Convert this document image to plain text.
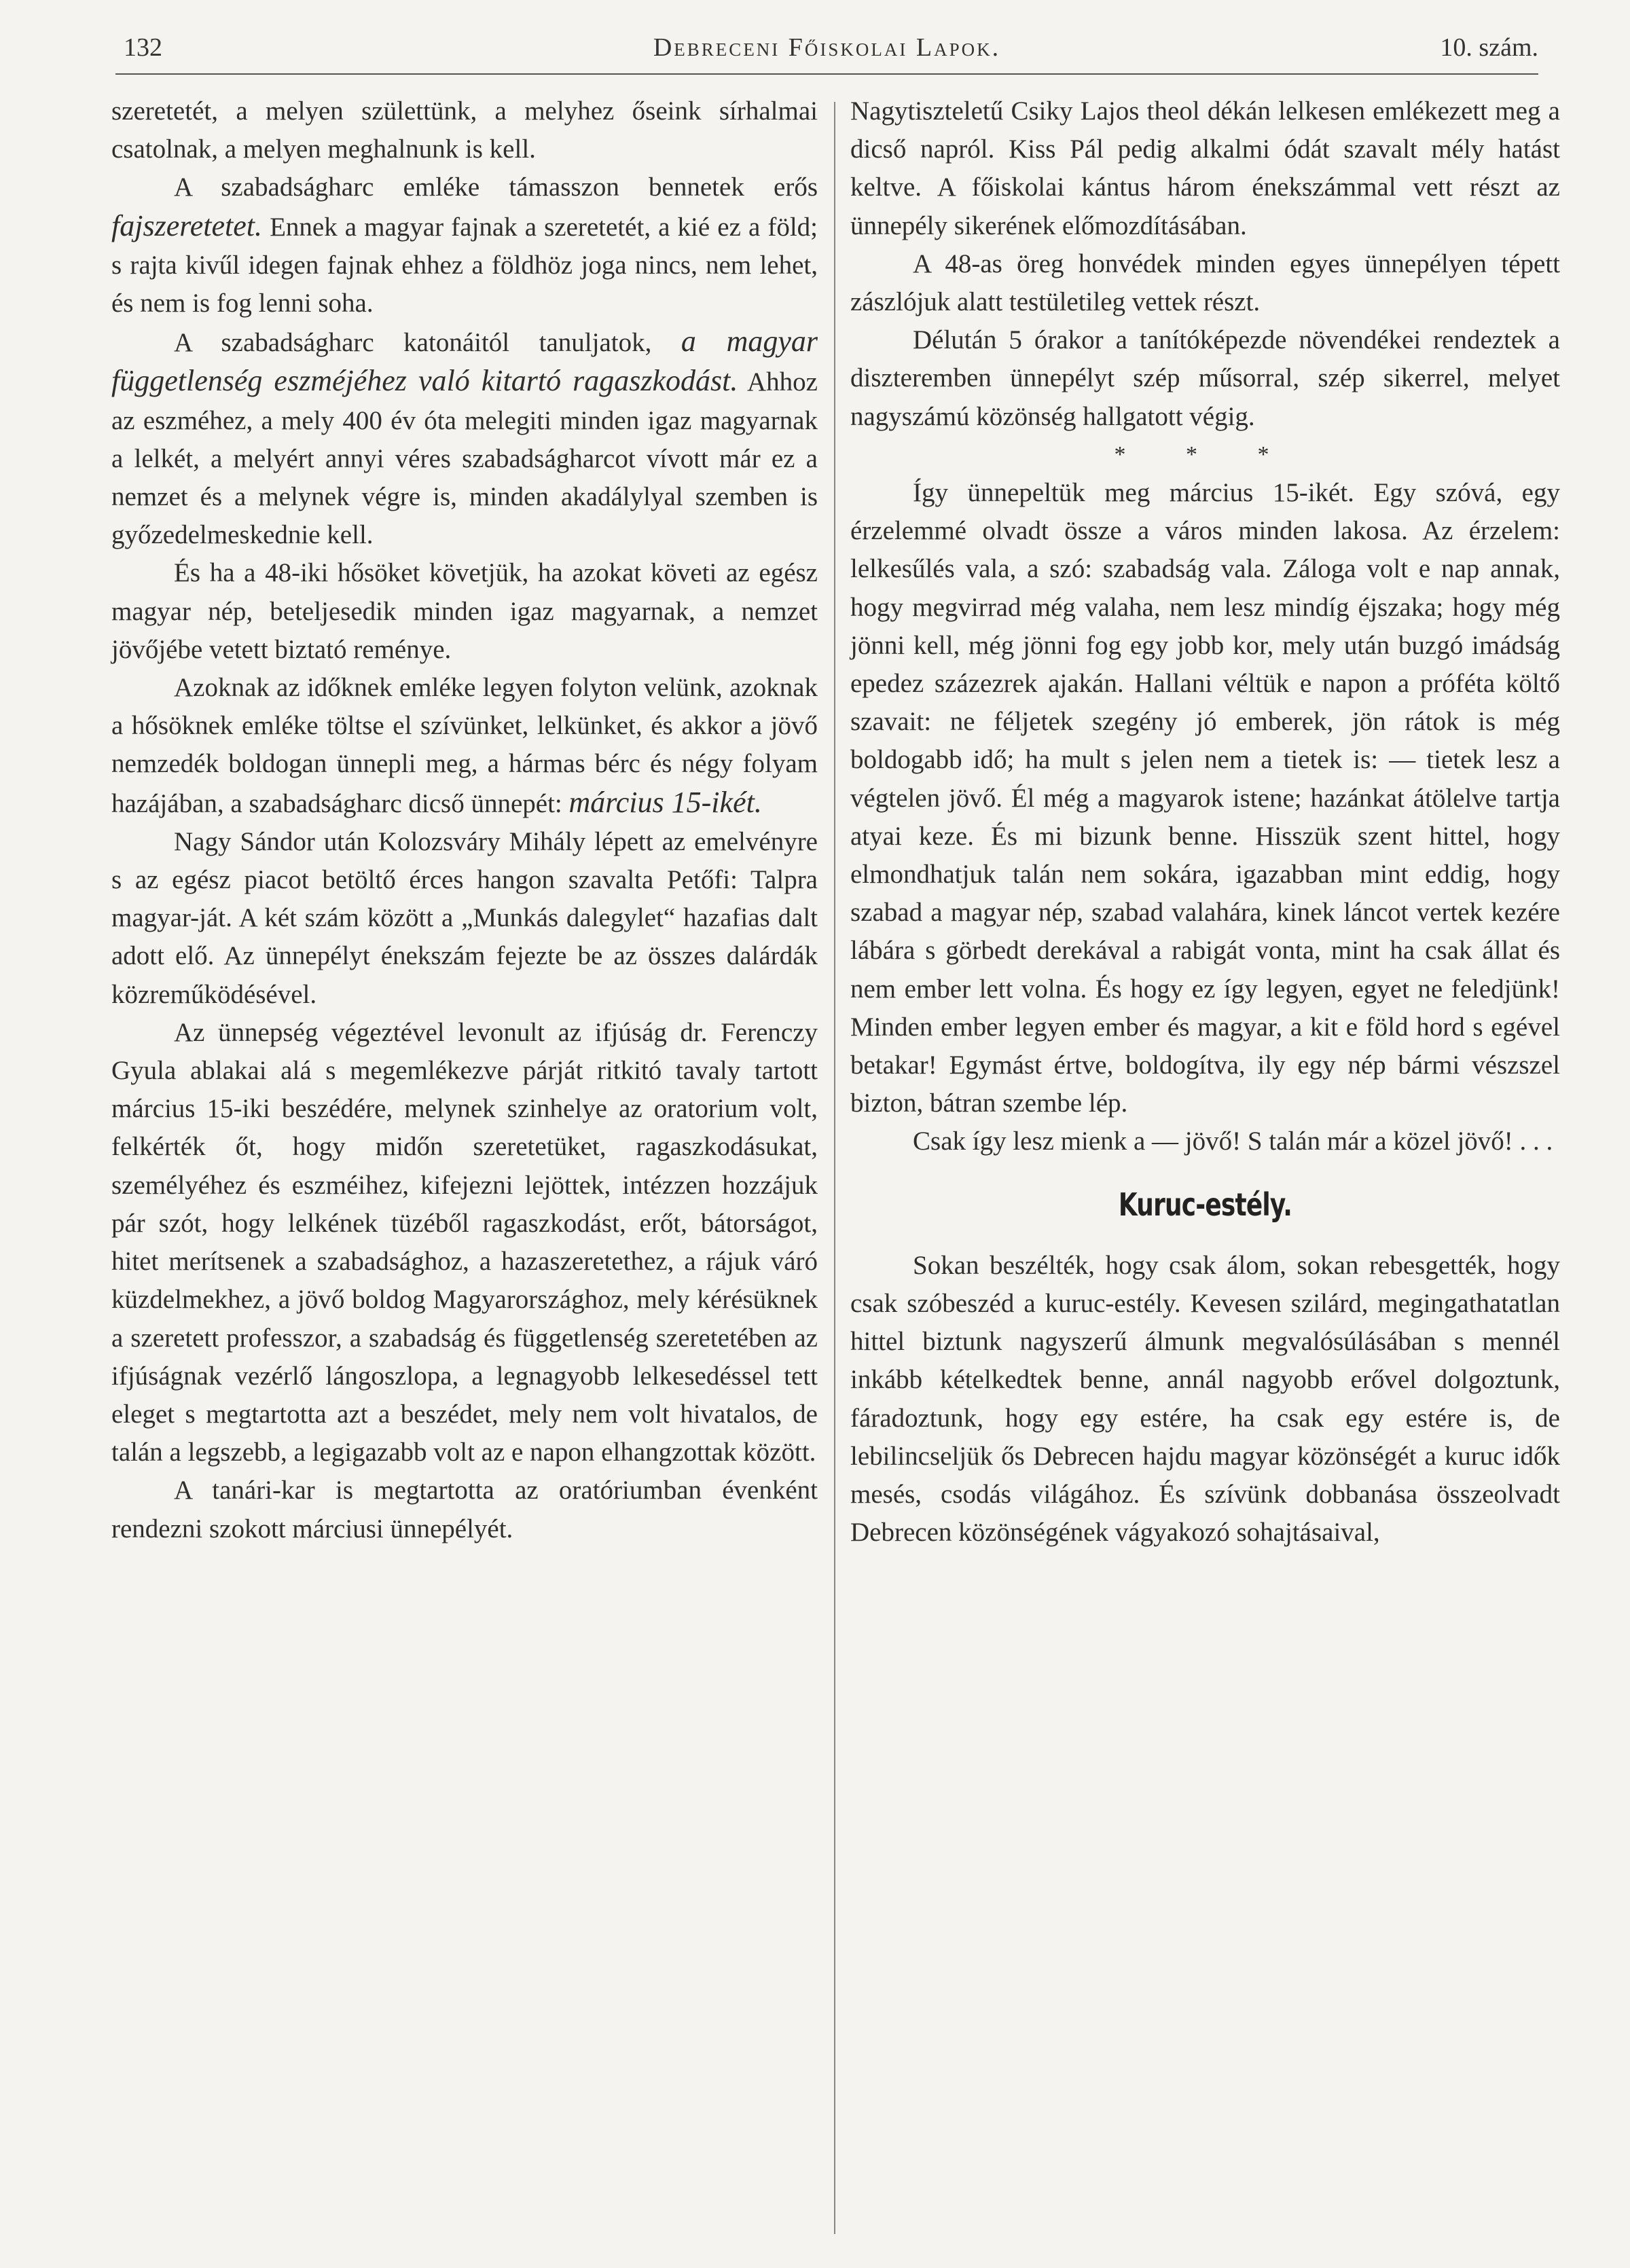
132	Debreceni Főiskolai Lapok.	10. szám.

szeretetét, a melyen születtünk, a melyhez őseink sírhalmai csatolnak, a melyen meghalnunk is kell.

A szabadságharc emléke támasszon bennetek erős fajszeretetet. Ennek a magyar fajnak a szeretetét, a kié ez a föld; s rajta kivűl idegen fajnak ehhez a földhöz joga nincs, nem lehet, és nem is fog lenni soha.

A szabadságharc katonáitól tanuljatok, a magyar függetlenség eszméjéhez való kitartó ragaszkodást. Ahhoz az eszméhez, a mely 400 év óta melegiti minden igaz magyarnak a lelkét, a melyért annyi véres szabadságharcot vívott már ez a nemzet és a melynek végre is, minden akadálylyal szemben is győzedelmeskednie kell.

És ha a 48-iki hősöket követjük, ha azokat követi az egész magyar nép, beteljesedik minden igaz magyarnak, a nemzet jövőjébe vetett biztató reménye.

Azoknak az időknek emléke legyen folyton velünk, azoknak a hősöknek emléke töltse el szívünket, lelkünket, és akkor a jövő nemzedék boldogan ünnepli meg, a hármas bérc és négy folyam hazájában, a szabadságharc dicső ünnepét: március 15-ikét.

Nagy Sándor után Kolozsváry Mihály lépett az emelvényre s az egész piacot betöltő érces hangon szavalta Petőfi: Talpra magyar-ját. A két szám között a „Munkás dalegylet“ hazafias dalt adott elő. Az ünnepélyt énekszám fejezte be az összes dalárdák közreműködésével.

Az ünnepség végeztével levonult az ifjúság dr. Ferenczy Gyula ablakai alá s megemlékezve párját ritkitó tavaly tartott március 15-iki beszédére, melynek szinhelye az oratorium volt, felkérték őt, hogy midőn szeretetüket, ragaszkodásukat, személyéhez és eszméihez, kifejezni lejöttek, intézzen hozzájuk pár szót, hogy lelkének tüzéből ragaszkodást, erőt, bátorságot, hitet merítsenek a szabadsághoz, a hazaszeretethez, a rájuk váró küzdelmekhez, a jövő boldog Magyarországhoz, mely kérésüknek a szeretett professzor, a szabadság és függetlenség szeretetében az ifjúságnak vezérlő lángoszlopa, a legnagyobb lelkesedéssel tett eleget s megtartotta azt a beszédet, mely nem volt hivatalos, de talán a legszebb, a legigazabb volt az e napon elhangzottak között.

A tanári-kar is megtartotta az oratóriumban évenként rendezni szokott márciusi ünnepélyét.

Nagytiszteletű Csiky Lajos theol dékán lelkesen emlékezett meg a dicső napról. Kiss Pál pedig alkalmi ódát szavalt mély hatást keltve. A főiskolai kántus három énekszámmal vett részt az ünnepély sikerének előmozdításában.

A 48-as öreg honvédek minden egyes ünnepélyen tépett zászlójuk alatt testületileg vettek részt.

Délután 5 órakor a tanítóképezde növendékei rendeztek a diszteremben ünnepélyt szép műsorral, szép sikerrel, melyet nagyszámú közönség hallgatott végig.

* * *

Így ünnepeltük meg március 15-ikét. Egy szóvá, egy érzelemmé olvadt össze a város minden lakosa. Az érzelem: lelkesűlés vala, a szó: szabadság vala. Záloga volt e nap annak, hogy megvirrad még valaha, nem lesz mindíg éjszaka; hogy még jönni kell, még jönni fog egy jobb kor, mely után buzgó imádság epedez százezrek ajakán. Hallani véltük e napon a próféta költő szavait: ne féljetek szegény jó emberek, jön rátok is még boldogabb idő; ha mult s jelen nem a tietek is: — tietek lesz a végtelen jövő. Él még a magyarok istene; hazánkat átölelve tartja atyai keze. És mi bizunk benne. Hisszük szent hittel, hogy elmondhatjuk talán nem sokára, igazabban mint eddig, hogy szabad a magyar nép, szabad valahára, kinek láncot vertek kezére lábára s görbedt derekával a rabigát vonta, mint ha csak állat és nem ember lett volna. És hogy ez így legyen, egyet ne feledjünk! Minden ember legyen ember és magyar, a kit e föld hord s egével betakar! Egymást értve, boldogítva, ily egy nép bármi vészszel bizton, bátran szembe lép.

Csak így lesz mienk a — jövő! S talán már a közel jövő! . . .

Kuruc-estély.

Sokan beszélték, hogy csak álom, sokan rebesgették, hogy csak szóbeszéd a kuruc-estély. Kevesen szilárd, megingathatatlan hittel biztunk nagyszerű álmunk megvalósúlásában s mennél inkább kételkedtek benne, annál nagyobb erővel dolgoztunk, fáradoztunk, hogy egy estére, ha csak egy estére is, de lebilincseljük ős Debrecen hajdu magyar közönségét a kuruc idők mesés, csodás világához. És szívünk dobbanása összeolvadt Debrecen közönségének vágyakozó sohajtásaival,
